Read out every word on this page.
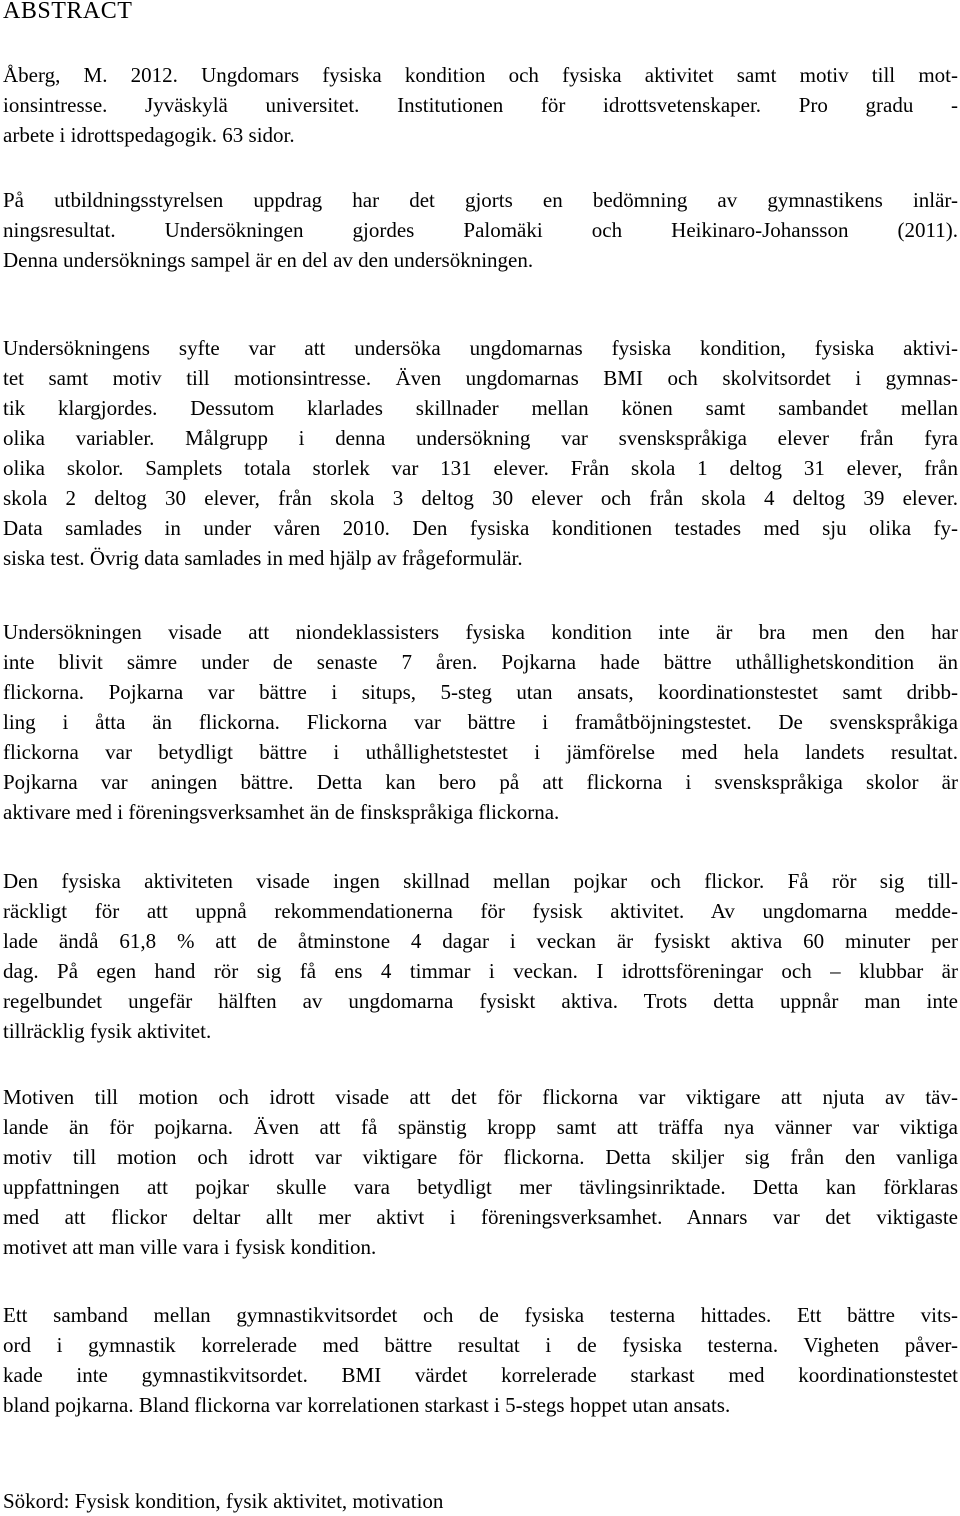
ABSTRACT
Åberg, M. 2012. Ungdomars fysiska kondition och fysiska aktivitet samt motiv till mot-
ionsintresse. Jyväskylä universitet. Institutionen för idrottsvetenskaper. Pro gradu -
arbete i idrottspedagogik. 63 sidor.
På utbildningsstyrelsen uppdrag har det gjorts en bedömning av gymnastikens inlär-
ningsresultat. Undersökningen gjordes Palomäki och Heikinaro-Johansson (2011).
Denna undersöknings sampel är en del av den undersökningen.
Undersökningens syfte var att undersöka ungdomarnas fysiska kondition, fysiska aktivi-
tet samt motiv till motionsintresse. Även ungdomarnas BMI och skolvitsordet i gymnas-
tik klargjordes. Dessutom klarlades skillnader mellan könen samt sambandet mellan
olika variabler. Målgrupp i denna undersökning var svenskspråkiga elever från fyra
olika skolor. Samplets totala storlek var 131 elever. Från skola 1 deltog 31 elever, från
skola 2 deltog 30 elever, från skola 3 deltog 30 elever och från skola 4 deltog 39 elever.
Data samlades in under våren 2010. Den fysiska konditionen testades med sju olika fy-
siska test. Övrig data samlades in med hjälp av frågeformulär.
Undersökningen visade att niondeklassisters fysiska kondition inte är bra men den har
inte blivit sämre under de senaste 7 åren. Pojkarna hade bättre uthållighetskondition än
flickorna. Pojkarna var bättre i situps, 5-steg utan ansats, koordinationstestet samt dribb-
ling i åtta än flickorna. Flickorna var bättre i framåtböjningstestet. De svenskspråkiga
flickorna var betydligt bättre i uthållighetstestet i jämförelse med hela landets resultat.
Pojkarna var aningen bättre. Detta kan bero på att flickorna i svenskspråkiga skolor är
aktivare med i föreningsverksamhet än de finskspråkiga flickorna.
Den fysiska aktiviteten visade ingen skillnad mellan pojkar och flickor. Få rör sig till-
räckligt för att uppnå rekommendationerna för fysisk aktivitet. Av ungdomarna medde-
lade ändå 61,8 % att de åtminstone 4 dagar i veckan är fysiskt aktiva 60 minuter per
dag. På egen hand rör sig få ens 4 timmar i veckan. I idrottsföreningar och – klubbar är
regelbundet ungefär hälften av ungdomarna fysiskt aktiva. Trots detta uppnår man inte
tillräcklig fysik aktivitet.
Motiven till motion och idrott visade att det för flickorna var viktigare att njuta av täv-
lande än för pojkarna. Även att få spänstig kropp samt att träffa nya vänner var viktiga
motiv till motion och idrott var viktigare för flickorna. Detta skiljer sig från den vanliga
uppfattningen att pojkar skulle vara betydligt mer tävlingsinriktade. Detta kan förklaras
med att flickor deltar allt mer aktivt i föreningsverksamhet. Annars var det viktigaste
motivet att man ville vara i fysisk kondition.
Ett samband mellan gymnastikvitsordet och de fysiska testerna hittades. Ett bättre vits-
ord i gymnastik korrelerade med bättre resultat i de fysiska testerna. Vigheten påver-
kade inte gymnastikvitsordet. BMI värdet korrelerade starkast med koordinationstestet
bland pojkarna. Bland flickorna var korrelationen starkast i 5-stegs hoppet utan ansats.

Sökord: Fysisk kondition, fysik aktivitet, motivation
